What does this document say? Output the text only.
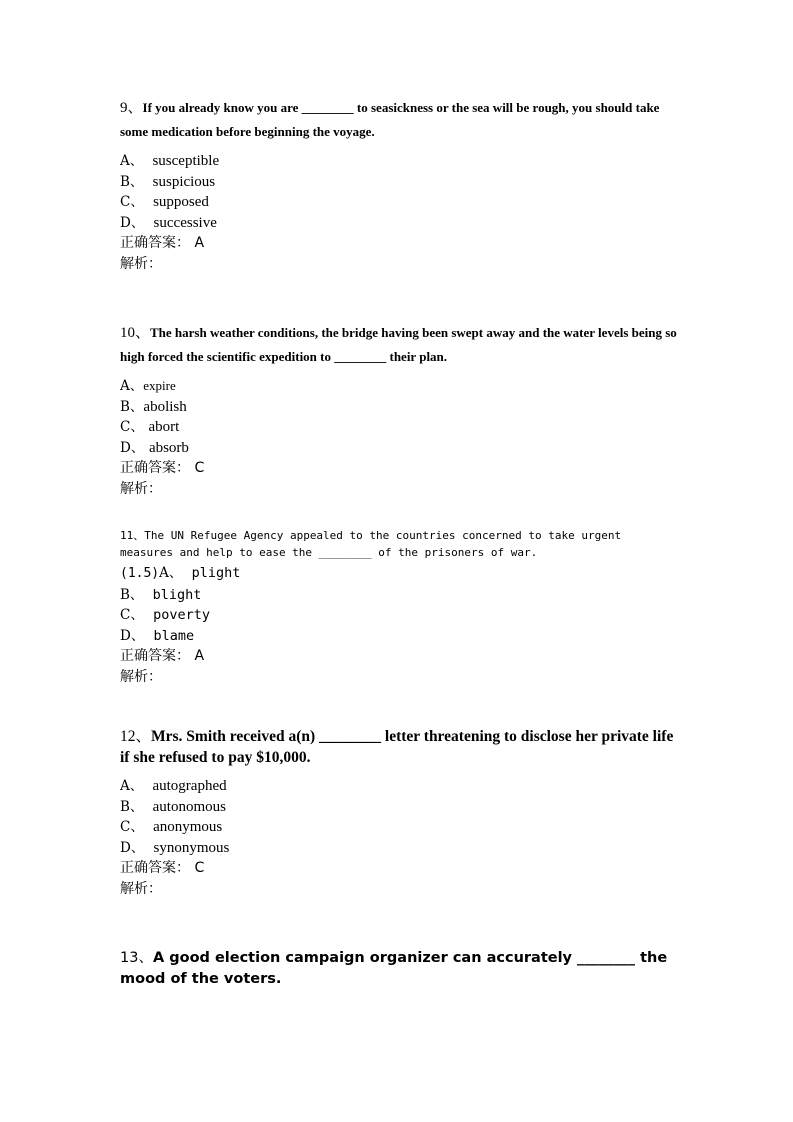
9、If you already know you are ________ to seasickness or the sea will be rough, you should take some medication before beginning the voyage.
A、 susceptible
B、 suspicious
C、 supposed
D、 successive
正确答案： A
解析：
10、The harsh weather conditions, the bridge having been swept away and the water levels being so high forced the scientific expedition to ________ their plan.
A、expire
B、abolish
C、 abort
D、 absorb
正确答案： C
解析：
11、The UN Refugee Agency appealed to the countries concerned to take urgent measures and help to ease the ________ of the prisoners of war.
(1.5)A、 plight
B、 blight
C、 poverty
D、 blame
正确答案： A
解析：
12、Mrs. Smith received a(n) ________ letter threatening to disclose her private life if she refused to pay $10,000.
A、 autographed
B、 autonomous
C、 anonymous
D、 synonymous
正确答案： C
解析：
13、A good election campaign organizer can accurately ________ the mood of the voters.
